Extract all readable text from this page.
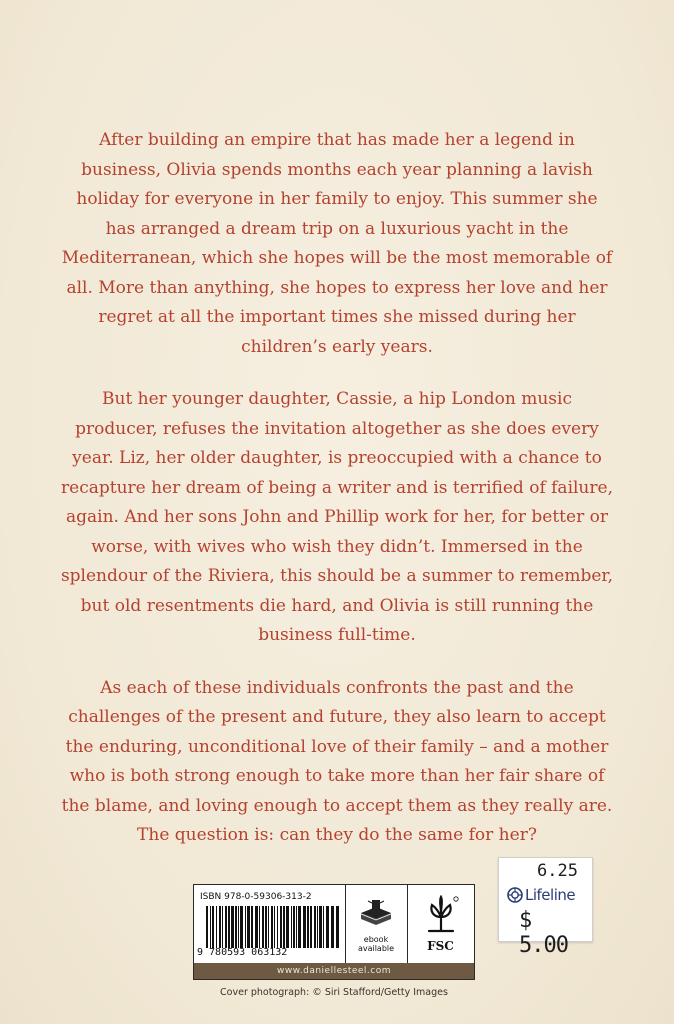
After building an empire that has made her a legend in business, Olivia spends months each year planning a lavish holiday for everyone in her family to enjoy. This summer she has arranged a dream trip on a luxurious yacht in the Mediterranean, which she hopes will be the most memorable of all. More than anything, she hopes to express her love and her regret at all the important times she missed during her children’s early years.

But her younger daughter, Cassie, a hip London music producer, refuses the invitation altogether as she does every year. Liz, her older daughter, is preoccupied with a chance to recapture her dream of being a writer and is terrified of failure, again. And her sons John and Phillip work for her, for better or worse, with wives who wish they didn’t. Immersed in the splendour of the Riviera, this should be a summer to remember, but old resentments die hard, and Olivia is still running the business full-time.

As each of these individuals confronts the past and the challenges of the present and future, they also learn to accept the enduring, unconditional love of their family – and a mother who is both strong enough to take more than her fair share of the blame, and loving enough to accept them as they really are. The question is: can they do the same for her?

6.25
Lifeline
$ 5.00
ISBN 978-0-59306-313-2
9 780593 063132
ebook
available	FSC
www.daniellesteel.com
Cover photograph: © Siri Stafford/Getty Images
